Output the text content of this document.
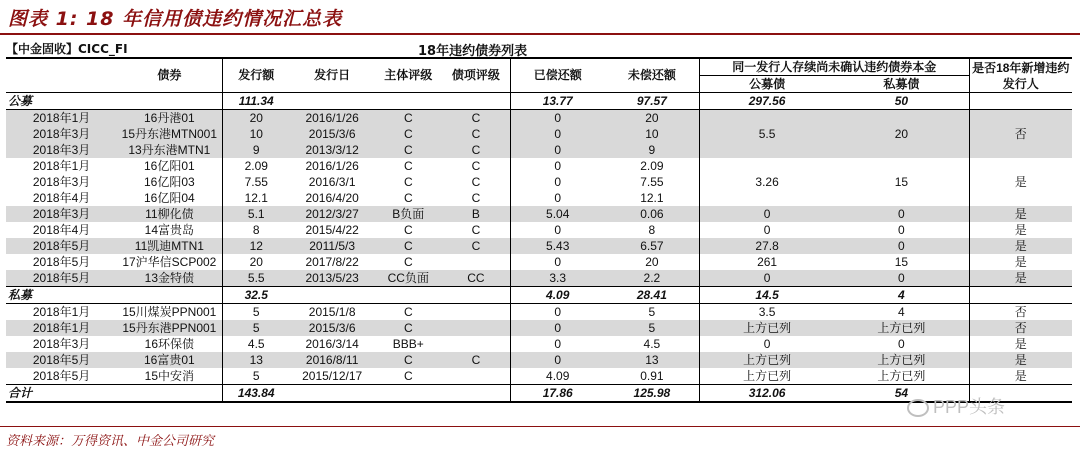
图表 1: 18 年信用债违约情况汇总表
【中金固收】CICC_FI	18年违约债券列表
	债券	发行额	发行日	主体评级	债项评级	已偿还额	未偿还额	同一发行人存续尚未确认违约债券本金		是否18年新增违约发行人
								公募债	私募债	
公募		111.34				13.77	97.57	297.56	50	
2018年1月	16丹港01	20	2016/1/26	C	C	0	20	5.5	20	否
2018年3月	15丹东港MTN001	10	2015/3/6	C	C	0	10			
2018年3月	13丹东港MTN1	9	2013/3/12	C	C	0	9			
2018年1月	16亿阳01	2.09	2016/1/26	C	C	0	2.09	3.26	15	是
2018年3月	16亿阳03	7.55	2016/3/1	C	C	0	7.55			
2018年4月	16亿阳04	12.1	2016/4/20	C	C	0	12.1			
2018年3月	11柳化债	5.1	2012/3/27	B负面	B	5.04	0.06	0	0	是
2018年4月	14富贵岛	8	2015/4/22	C	C	0	8	0	0	是
2018年5月	11凯迪MTN1	12	2011/5/3	C	C	5.43	6.57	27.8	0	是
2018年5月	17沪华信SCP002	20	2017/8/22	C		0	20	261	15	是
2018年5月	13金特债	5.5	2013/5/23	CC负面	CC	3.3	2.2	0	0	是
私募		32.5				4.09	28.41	14.5	4	
2018年1月	15川煤炭PPN001	5	2015/1/8	C		0	5	3.5	4	否
2018年1月	15丹东港PPN001	5	2015/3/6	C		0	5	上方已列	上方已列	否
2018年3月	16环保债	4.5	2016/3/14	BBB+		0	4.5	0	0	是
2018年5月	16富贵01	13	2016/8/11	C	C	0	13	上方已列	上方已列	是
2018年5月	15中安消	5	2015/12/17	C		4.09	0.91	上方已列	上方已列	是
合计		143.84				17.86	125.98	312.06	54	
PPP头条
资料来源：万得资讯、中金公司研究
